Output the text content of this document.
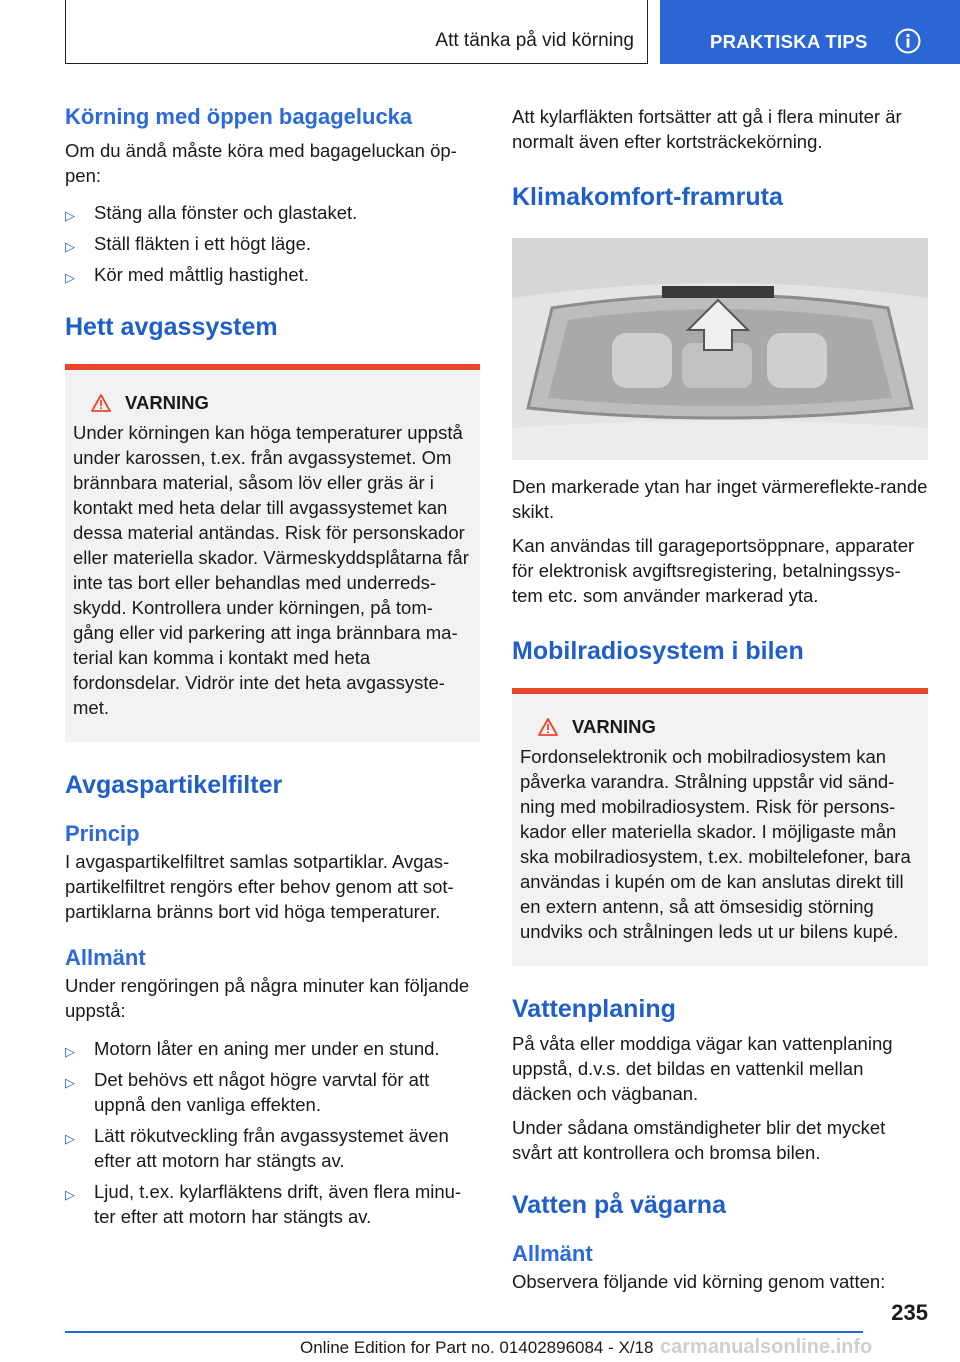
Att tänka på vid körning	PRAKTISKA TIPS
Körning med öppen bagagelucka

Om du ändå måste köra med bagageluckan öp-pen:

▷ Stäng alla fönster och glastaket.
▷ Ställ fläkten i ett högt läge.
▷ Kör med måttlig hastighet.
Hett avgassystem
VARNING

Under körningen kan höga temperaturer uppstå under karossen, t.ex. från avgassystemet. Om brännbara material, såsom löv eller gräs är i kontakt med heta delar till avgassystemet kan dessa material antändas. Risk för personskador eller materiella skador. Värmeskyddsplåtarna får inte tas bort eller behandlas med underreds-skydd. Kontrollera under körningen, på tom-gång eller vid parkering att inga brännbara ma-terial kan komma i kontakt med heta fordonsdelar. Vidrör inte det heta avgassyste-met.

Avgaspartikelfilter
Princip

I avgaspartikelfiltret samlas sotpartiklar. Avgas-partikelfiltret rengörs efter behov genom att sot-partiklarna bränns bort vid höga temperaturer.

Allmänt

Under rengöringen på några minuter kan följande uppstå:

▷ Motorn låter en aning mer under en stund.
▷ Det behövs ett något högre varvtal för att uppnå den vanliga effekten.
▷ Lätt rökutveckling från avgassystemet även efter att motorn har stängts av.
▷ Ljud, t.ex. kylarfläktens drift, även flera minu-ter efter att motorn har stängts av.

Att kylarfläkten fortsätter att gå i flera minuter är normalt även efter kortsträckekörning.

Klimakomfort-framruta

Den markerade ytan har inget värmereflekte-rande skikt.

Kan användas till garageportsöppnare, apparater för elektronisk avgiftsregistering, betalningssys-tem etc. som använder markerad yta.

Mobilradiosystem i bilen
VARNING

Fordonselektronik och mobilradiosystem kan påverka varandra. Strålning uppstår vid sänd-ning med mobilradiosystem. Risk för persons-kador eller materiella skador. I möjligaste mån ska mobilradiosystem, t.ex. mobiltelefoner, bara användas i kupén om de kan anslutas direkt till en extern antenn, så att ömsesidig störning undviks och strålningen leds ut ur bilens kupé.

Vattenplaning

På våta eller moddiga vägar kan vattenplaning uppstå, d.v.s. det bildas en vattenkil mellan däcken och vägbanan.

Under sådana omständigheter blir det mycket svårt att kontrollera och bromsa bilen.

Vatten på vägarna
Allmänt

Observera följande vid körning genom vatten:

235
Online Edition for Part no. 01402896084 - X/18 carmanualsonline.info
